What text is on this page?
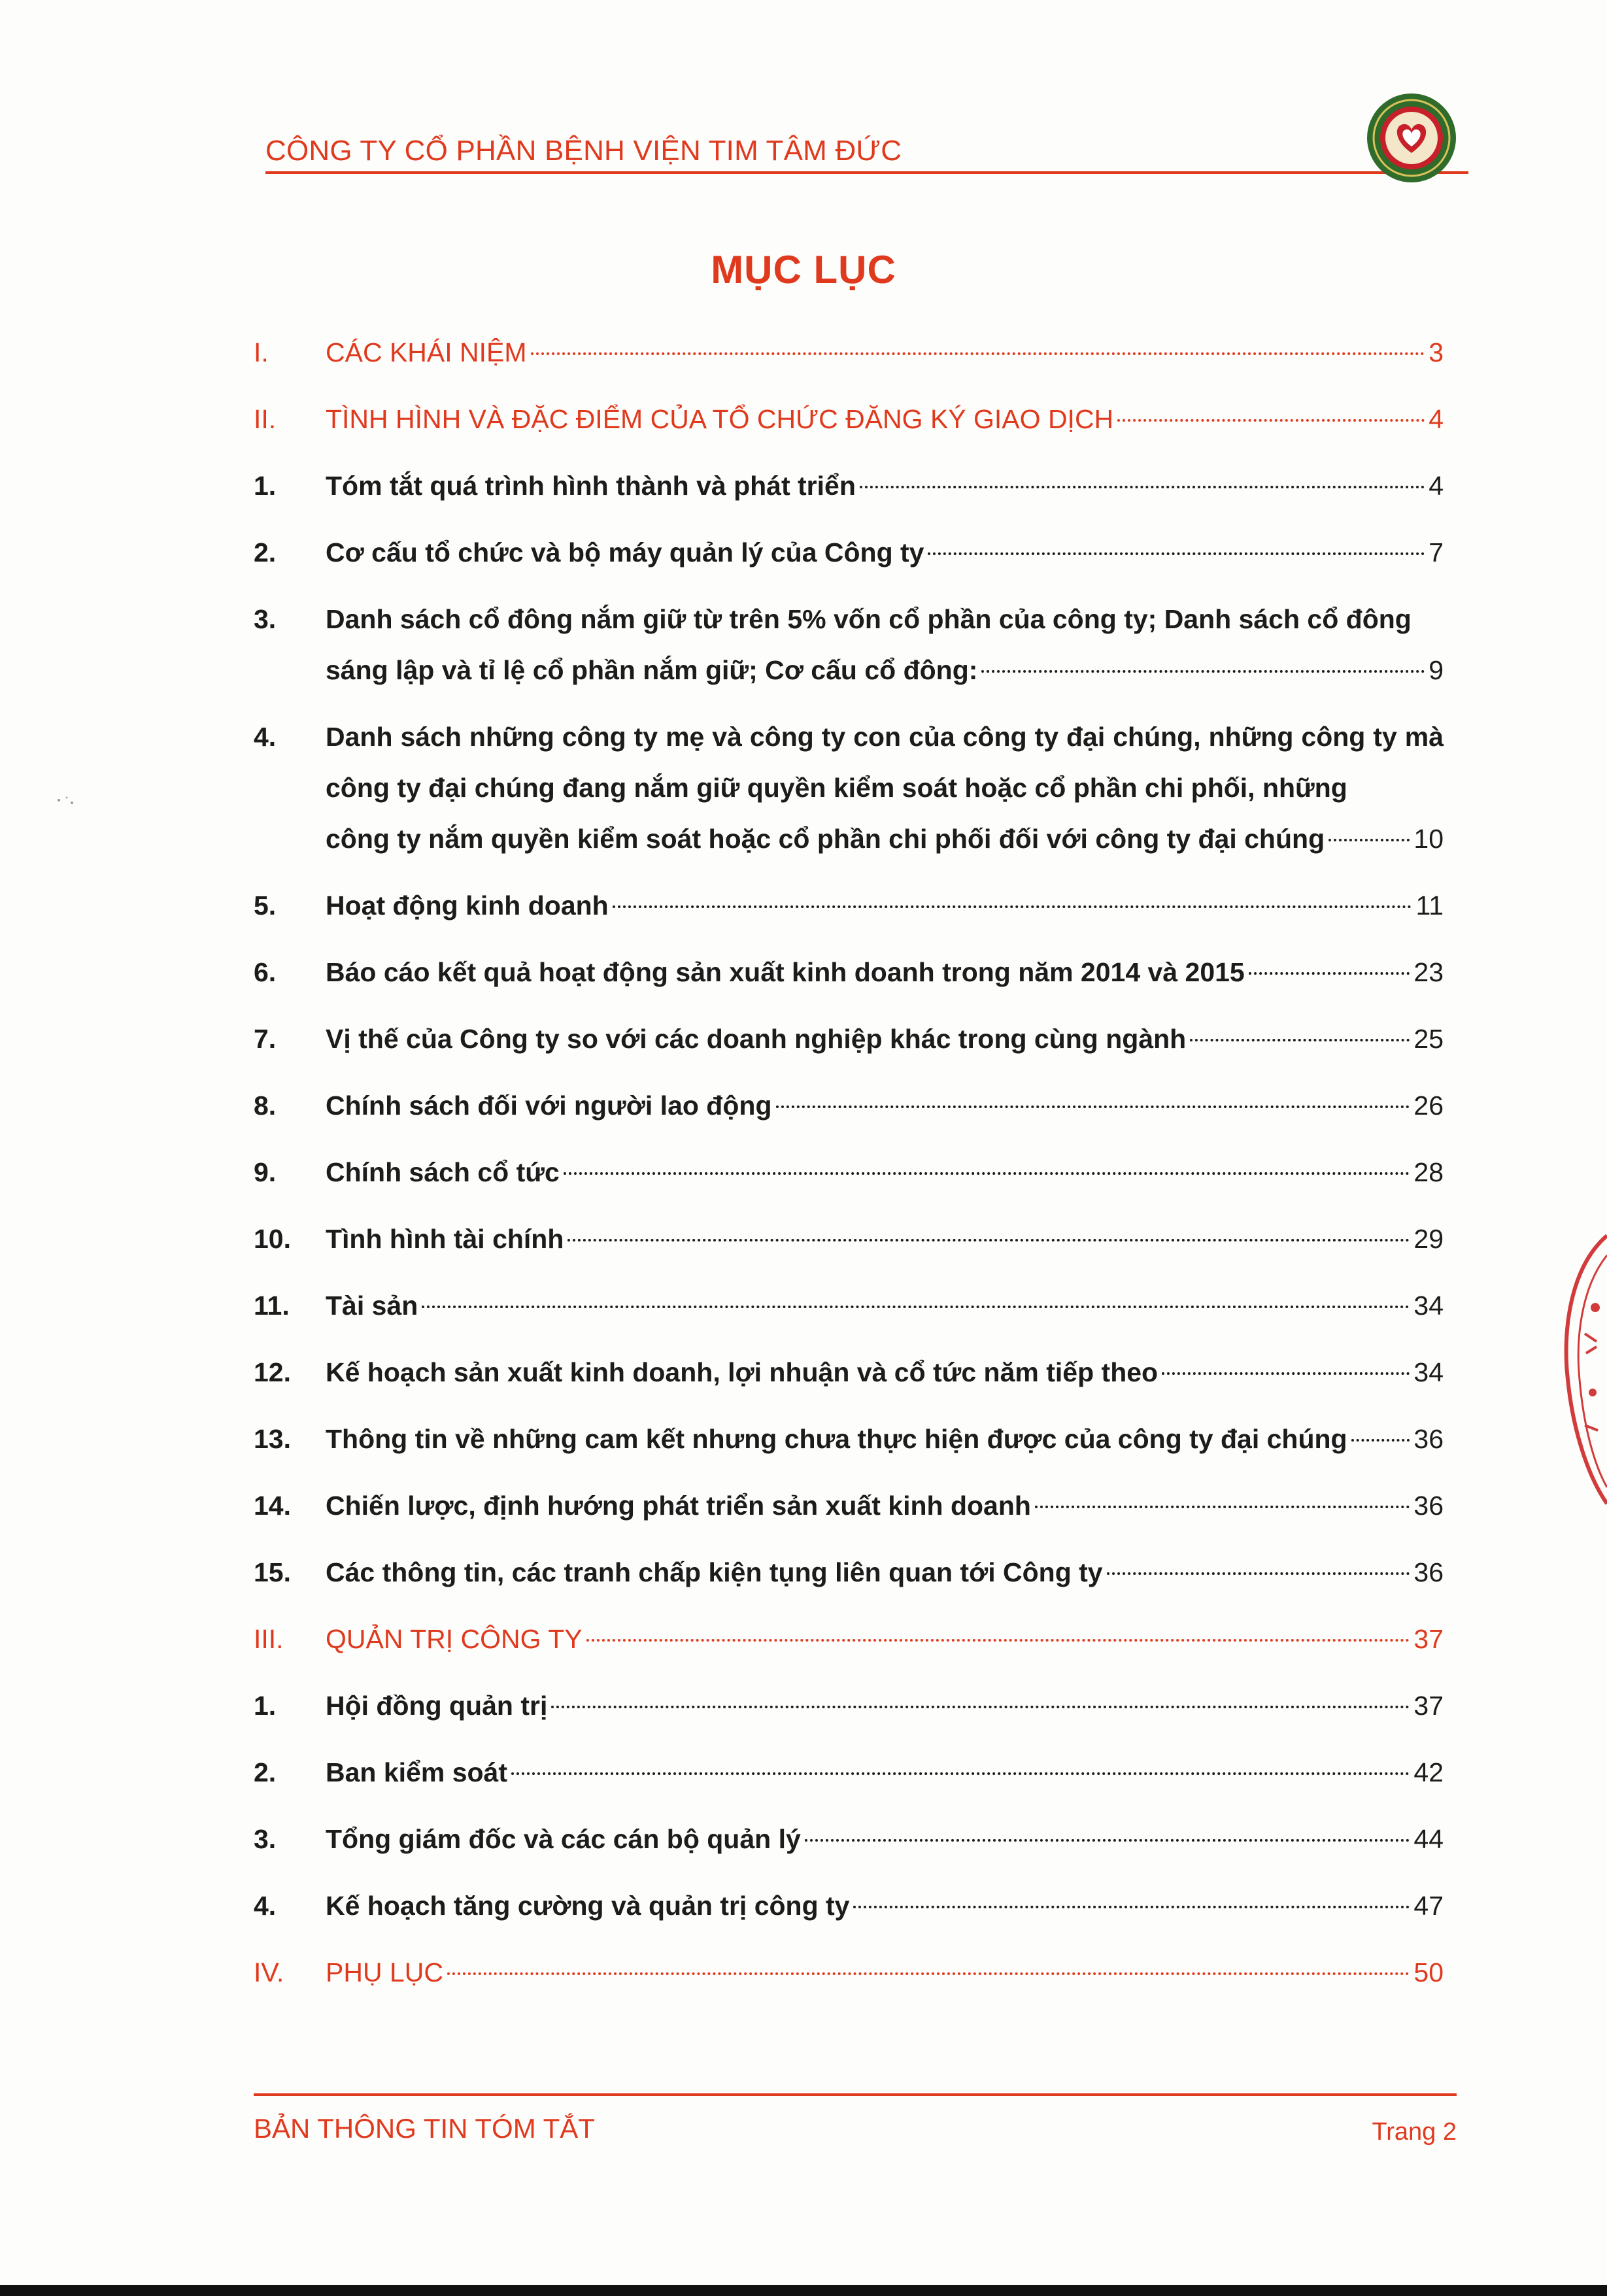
CÔNG TY CỔ PHẦN BỆNH VIỆN TIM TÂM ĐỨC
MỤC LỤC
I.	CÁC KHÁI NIỆM	3
II.	TÌNH HÌNH VÀ ĐẶC ĐIỂM CỦA TỔ CHỨC ĐĂNG KÝ GIAO DỊCH	4
1.	Tóm tắt quá trình hình thành và phát triển	4
2.	Cơ cấu tổ chức và bộ máy quản lý của Công ty	7
3.	Danh sách cổ đông nắm giữ từ trên 5% vốn cổ phần của công ty; Danh sách cổ đông
sáng lập và tỉ lệ cổ phần nắm giữ; Cơ cấu cổ đông:	9
4.	Danh sách những công ty mẹ và công ty con của công ty đại chúng, những công ty mà công ty đại chúng đang nắm giữ quyền kiểm soát hoặc cổ phần chi phối, những
công ty nắm quyền kiểm soát hoặc cổ phần chi phối đối với công ty đại chúng	10
5.	Hoạt động kinh doanh	11
6.	Báo cáo kết quả hoạt động sản xuất kinh doanh trong năm 2014 và 2015	23
7.	Vị thế của Công ty so với các doanh nghiệp khác trong cùng ngành	25
8.	Chính sách đối với người lao động	26
9.	Chính sách cổ tức	28
10.	Tình hình tài chính	29
11.	Tài sản	34
12.	Kế hoạch sản xuất kinh doanh, lợi nhuận và cổ tức năm tiếp theo	34
13.	Thông tin về những cam kết nhưng chưa thực hiện được của công ty đại chúng 36
14.	Chiến lược, định hướng phát triển sản xuất kinh doanh	36
15.	Các thông tin, các tranh chấp kiện tụng liên quan tới Công ty	36
III.	QUẢN TRỊ CÔNG TY	37
1.	Hội đồng quản trị	37
2.	Ban kiểm soát	42
3.	Tổng giám đốc và các cán bộ quản lý	44
4.	Kế hoạch tăng cường và quản trị công ty	47
IV.	PHỤ LỤC	50
BẢN THÔNG TIN TÓM TẮT	Trang 2
